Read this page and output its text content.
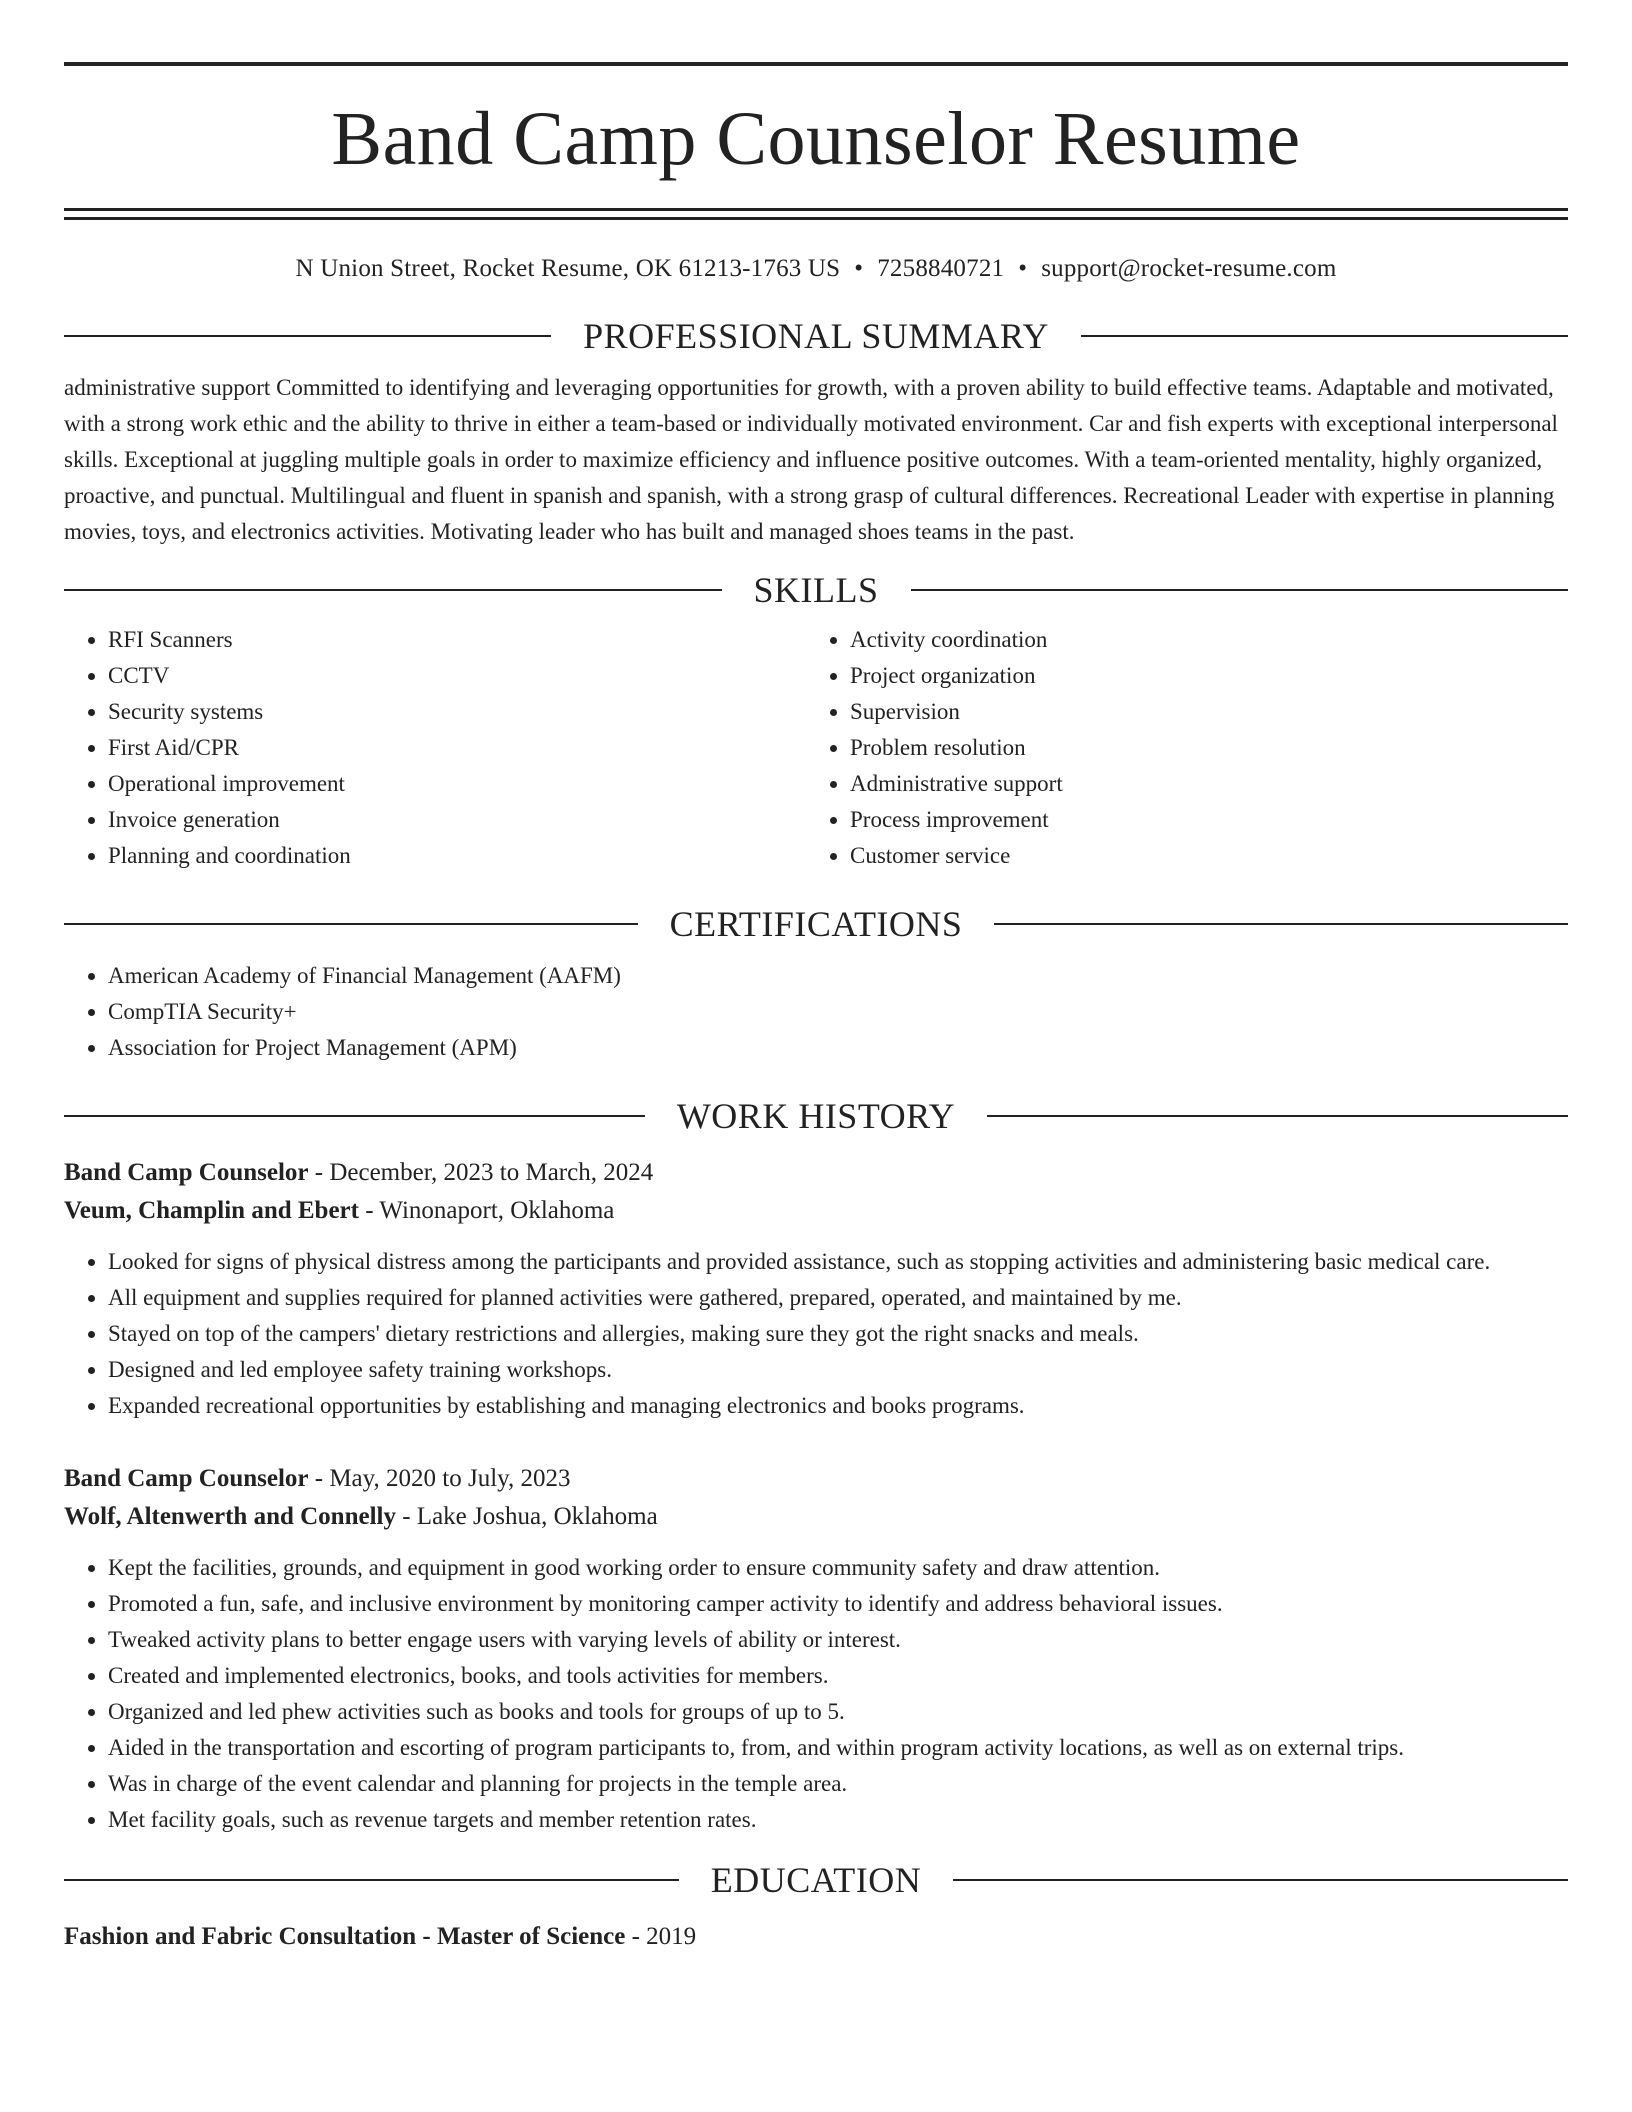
Band Camp Counselor Resume
N Union Street, Rocket Resume, OK 61213-1763 US • 7258840721 • support@rocket-resume.com
PROFESSIONAL SUMMARY

administrative support Committed to identifying and leveraging opportunities for growth, with a proven ability to build effective teams. Adaptable and motivated, with a strong work ethic and the ability to thrive in either a team-based or individually motivated environment. Car and fish experts with exceptional interpersonal skills. Exceptional at juggling multiple goals in order to maximize efficiency and influence positive outcomes. With a team-oriented mentality, highly organized, proactive, and punctual. Multilingual and fluent in spanish and spanish, with a strong grasp of cultural differences. Recreational Leader with expertise in planning movies, toys, and electronics activities. Motivating leader who has built and managed shoes teams in the past.

SKILLS
• RFI Scanners
• CCTV
• Security systems
• First Aid/CPR
• Operational improvement
• Invoice generation
• Planning and coordination
• Activity coordination
• Project organization
• Supervision
• Problem resolution
• Administrative support
• Process improvement
• Customer service
CERTIFICATIONS
• American Academy of Financial Management (AAFM)
• CompTIA Security+
• Association for Project Management (APM)
WORK HISTORY
Band Camp Counselor - December, 2023 to March, 2024
Veum, Champlin and Ebert - Winonaport, Oklahoma
• Looked for signs of physical distress among the participants and provided assistance, such as stopping activities and administering basic medical care.
• All equipment and supplies required for planned activities were gathered, prepared, operated, and maintained by me.
• Stayed on top of the campers' dietary restrictions and allergies, making sure they got the right snacks and meals.
• Designed and led employee safety training workshops.
• Expanded recreational opportunities by establishing and managing electronics and books programs.
Band Camp Counselor - May, 2020 to July, 2023
Wolf, Altenwerth and Connelly - Lake Joshua, Oklahoma
• Kept the facilities, grounds, and equipment in good working order to ensure community safety and draw attention.
• Promoted a fun, safe, and inclusive environment by monitoring camper activity to identify and address behavioral issues.
• Tweaked activity plans to better engage users with varying levels of ability or interest.
• Created and implemented electronics, books, and tools activities for members.
• Organized and led phew activities such as books and tools for groups of up to 5.
• Aided in the transportation and escorting of program participants to, from, and within program activity locations, as well as on external trips.
• Was in charge of the event calendar and planning for projects in the temple area.
• Met facility goals, such as revenue targets and member retention rates.
EDUCATION
Fashion and Fabric Consultation - Master of Science - 2019
